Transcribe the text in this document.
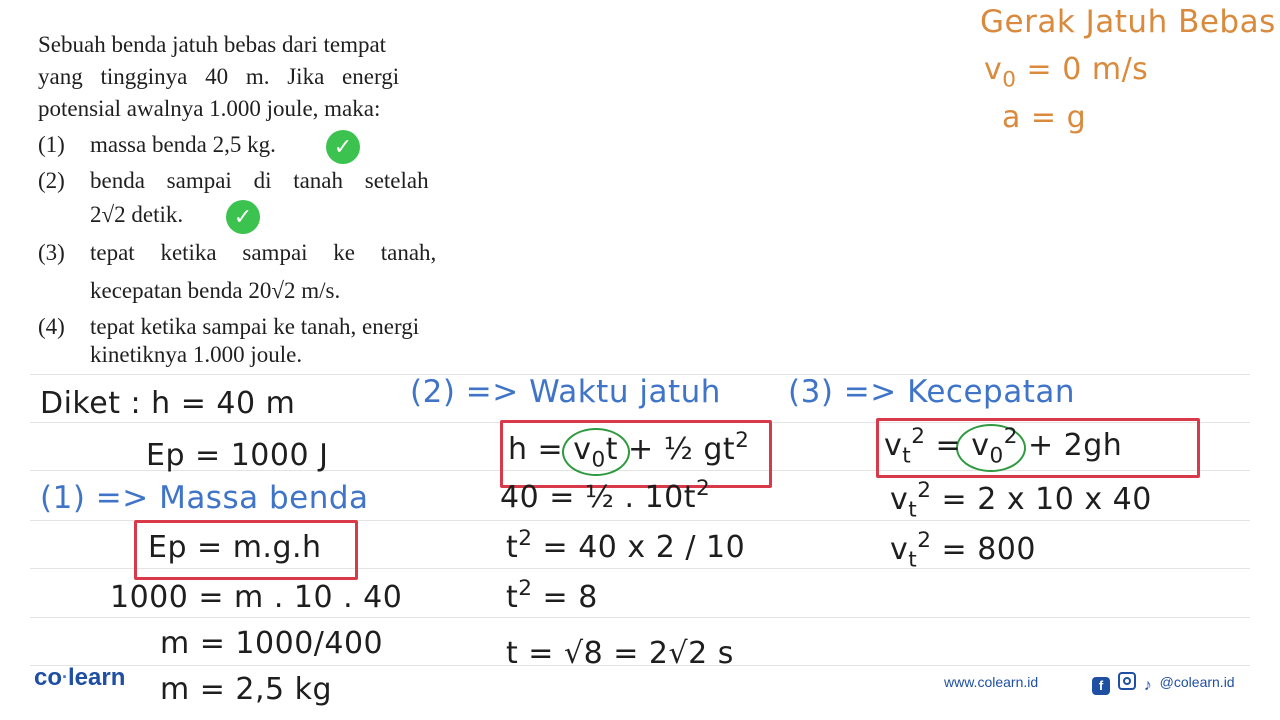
Sebuah benda jatuh bebas dari tempat
yang tingginya 40 m. Jika energi
potensial awalnya 1.000 joule, maka:
(1) massa benda 2,5 kg.	✓
(2) benda sampai di tanah setelah
2√2 detik.	✓
(3) tepat ketika sampai ke tanah,
kecepatan benda 20√2 m/s.
(4) tepat ketika sampai ke tanah, energi
kinetiknya 1.000 joule.
Gerak Jatuh Bebas
$v_0 = 0$ m/s
a = g
Diket : h = 40 m
Ep = 1000 J
(1) => Massa benda
Ep = m.g.h
1000 = m . 10 . 40
m = 1000/400
m = 2,5 kg
(2) => Waktu jatuh
$h = v_0t$ + ½ $gt^2$
40 = ½ . $10t^2$
$t^2 = 40$ x 2 / 10
$t^2 = 8$
t = √8 = 2√2 s
(3) => Kecepatan
$v_t^2 = v_0^2 + 2gh$
$v_t^2 = 2$ x 10 x 40
$v_t^2 = 800$
co·learn	www.colearn.id	f	♪ @colearn.id
